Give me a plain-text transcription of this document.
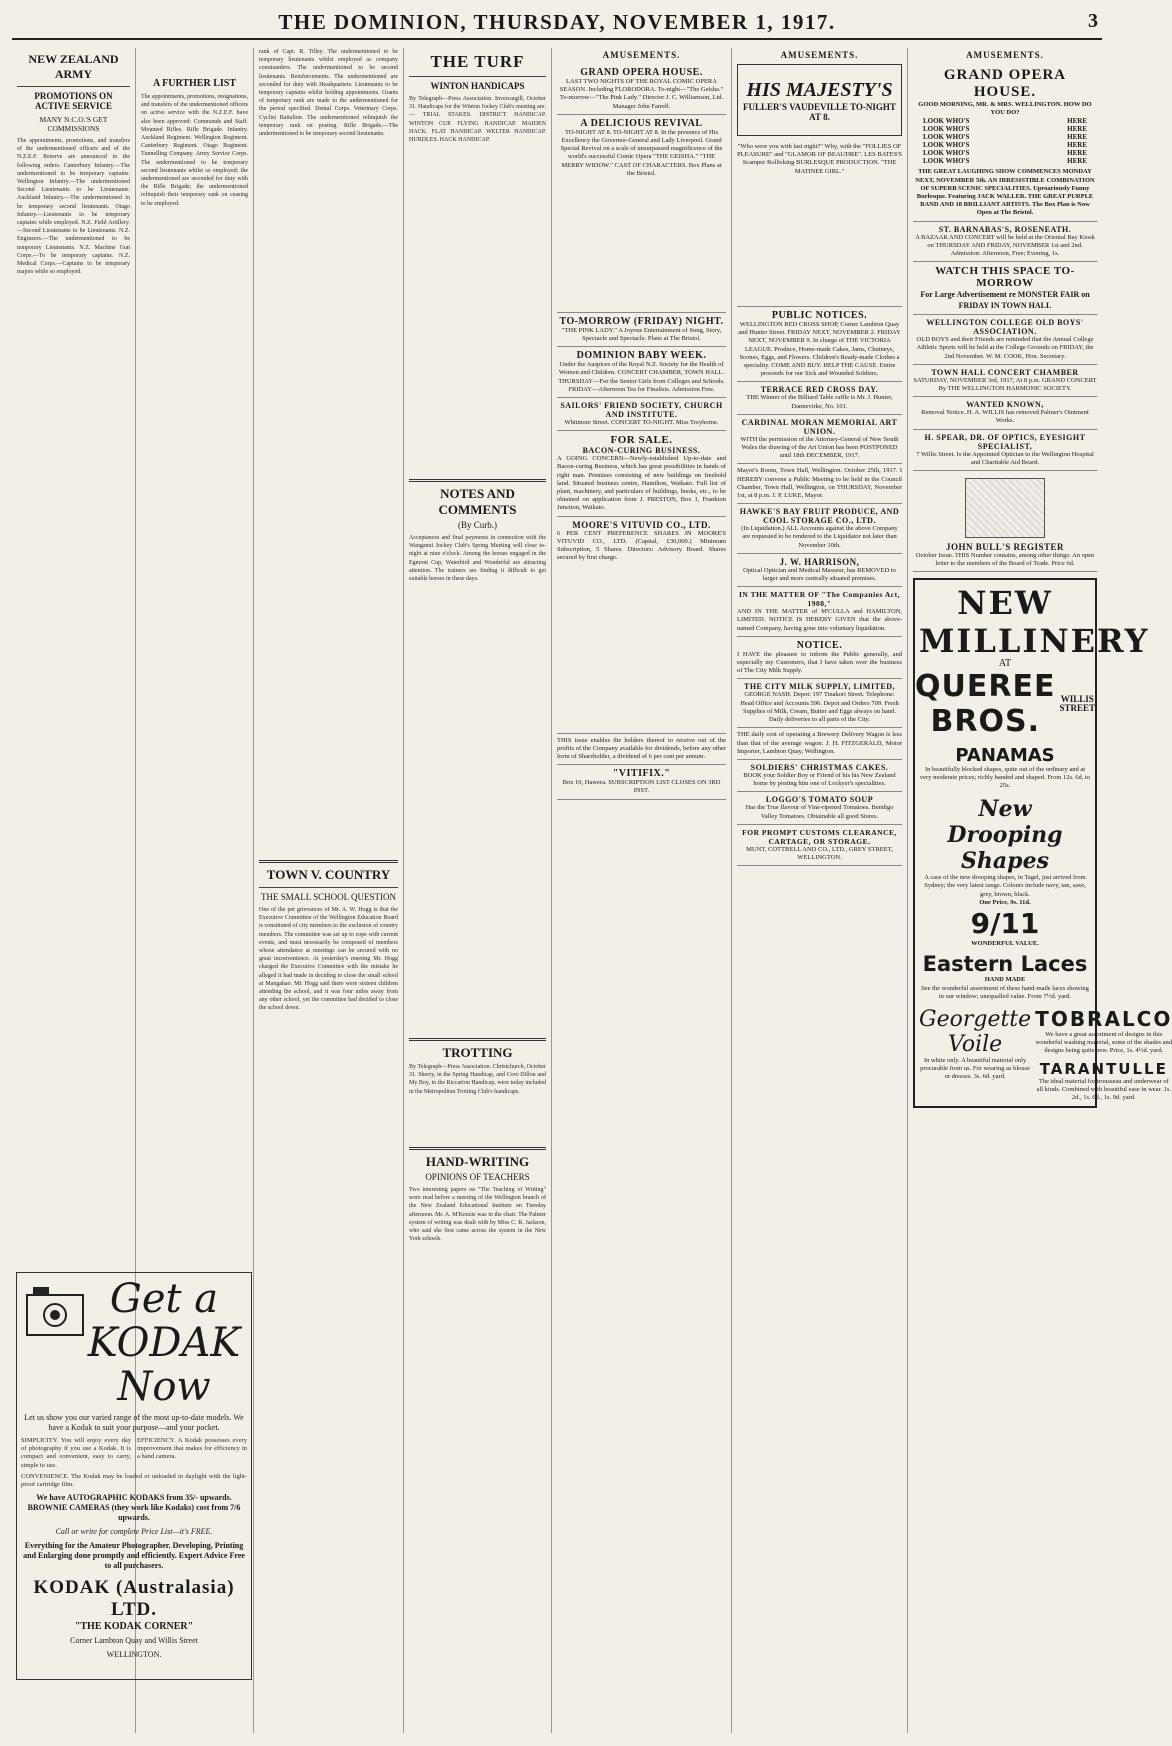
THE DOMINION, THURSDAY, NOVEMBER 1, 1917.	3
NEW ZEALAND ARMY
PROMOTIONS ON ACTIVE SERVICE
MANY N.C.O.'S GET COMMISSIONS
The appointments, promotions, and transfers of the undermentioned officers and of the N.Z.E.F. Reserve are announced in the following orders. Canterbury Infantry.—The undermentioned to be temporary captains. Wellington Infantry.—The undermentioned Second Lieutenants to be Lieutenants. Auckland Infantry.—The undermentioned to be temporary second lieutenants. Otago Infantry.—Lieutenants to be temporary captains while employed. N.Z. Field Artillery.—Second Lieutenants to be Lieutenants. N.Z. Engineers.—The undermentioned to be temporary Lieutenants. N.Z. Machine Gun Corps.—To be temporary captains. N.Z. Medical Corps.—Captains to be temporary majors while so employed.
A FURTHER LIST
The appointments, promotions, resignations, and transfers of the undermentioned officers on active service with the N.Z.E.F. have also been approved: Commands and Staff. Mounted Rifles. Rifle Brigade. Infantry. Auckland Regiment. Wellington Regiment. Canterbury Regiment. Otago Regiment. Tunnelling Company. Army Service Corps. The undermentioned to be temporary second lieutenants whilst so employed; the undermentioned are seconded for duty with the Rifle Brigade; the undermentioned relinquish their temporary rank on ceasing to be employed.
Get a KODAK
Now
Let us show you our varied range of the most up-to-date models. We have a Kodak to suit your purpose—and your pocket.
SIMPLICITY. You will enjoy every day of photography if you use a Kodak. It is compact and convenient, easy to carry, simple to use.
EFFICIENCY. A Kodak possesses every improvement that makes for efficiency in a hand camera.
CONVENIENCE. The Kodak may be loaded or unloaded in daylight with the light-proof cartridge film.
We have AUTOGRAPHIC KODAKS from 35/- upwards. BROWNIE CAMERAS (they work like Kodaks) cost from 7/6 upwards.
Call or write for complete Price List—it's FREE.
Everything for the Amateur Photographer. Developing, Printing and Enlarging done promptly and efficiently. Expert Advice Free to all purchasers.
KODAK (Australasia) LTD.
"THE KODAK CORNER"
Corner Lambton Quay and Willis Street
WELLINGTON.
rank of Capt. R. Tilley. The undermentioned to be temporary lieutenants whilst employed as company commanders. The undermentioned to be second lieutenants. Reinforcements. The undermentioned are seconded for duty with Headquarters. Lieutenants to be temporary captains whilst holding appointments. Grants of temporary rank are made to the undermentioned for the period specified. Dental Corps. Veterinary Corps. Cyclist Battalion. The undermentioned relinquish the temporary rank on posting. Rifle Brigade.—The undermentioned to be temporary second lieutenants.
TOWN V. COUNTRY
THE SMALL SCHOOL QUESTION
One of the pet grievances of Mr. A. W. Hogg is that the Executive Committee of the Wellington Education Board is constituted of city members to the exclusion of country members. The committee was set up to cope with current events, and must necessarily be composed of members whose attendance at meetings can be secured with no great inconvenience. At yesterday's meeting Mr. Hogg charged the Executive Committee with the mistake he alleged it had made in deciding to close the small school at Mangahao. Mr. Hogg said there were sixteen children attending the school, and it was four miles away from any other school, yet the committee had decided to close the school down.
THE TURF
WINTON HANDICAPS
By Telegraph—Press Association. Invercargill, October 31. Handicaps for the Winton Jockey Club's meeting are:— TRIAL STAKES. DISTRICT HANDICAP. WINTON CUP. FLYING HANDICAP. MAIDEN HACK. FLAT HANDICAP. WELTER HANDICAP. HURDLES. HACK HANDICAP.
NOTES AND COMMENTS
(By Curb.)
Acceptances and final payments in connection with the Wanganui Jockey Club's Spring Meeting will close to-night at nine o'clock. Among the horses engaged in the Egmont Cup, Waterbird and Wonderful are attracting attention. The trainers are finding it difficult to get suitable horses in these days.
TROTTING
By Telegraph—Press Association. Christchurch, October 31. Sherry, in the Spring Handicap, and Coro Dillon and My Boy, in the Riccarton Handicap, were today included in the Metropolitan Trotting Club's handicaps.
HAND-WRITING
OPINIONS OF TEACHERS
Two interesting papers on "The Teaching of Writing" were read before a meeting of the Wellington branch of the New Zealand Educational Institute on Tuesday afternoon. Mr. A. M'Kenzie was in the chair. The Palmer system of writing was dealt with by Miss C. R. Jackson, who said she first came across the system in the New York schools.
AMUSEMENTS.
GRAND OPERA HOUSE.
LAST TWO NIGHTS OF THE ROYAL COMIC OPERA SEASON. Including FLORODORA. To-night—"The Geisha." To-morrow—"The Pink Lady." Director J. C. Williamson, Ltd. Manager John Farrell.
A DELICIOUS REVIVAL
TO-NIGHT AT 8. TO-NIGHT AT 8. In the presence of His Excellency the Governor-General and Lady Liverpool. Grand Special Revival on a scale of unsurpassed magnificence of the world's successful Comic Opera "THE GEISHA." "THE MERRY WIDOW." CAST OF CHARACTERS. Box Plans at the Bristol.
TO-MORROW (FRIDAY) NIGHT.
"THE PINK LADY." A Joyous Entertainment of Song, Story, Spectacle and Spectacle. Plans at The Bristol.
DOMINION BABY WEEK.
Under the Auspices of the Royal N.Z. Society for the Health of Women and Children. CONCERT CHAMBER, TOWN HALL. THURSDAY—For the Senior Girls from Colleges and Schools. FRIDAY—Afternoon Tea for Finalists. Admission Free.
SAILORS' FRIEND SOCIETY, CHURCH AND INSTITUTE.
Whitmore Street. CONCERT TO-NIGHT. Miss Treyhorne.
FOR SALE.
BACON-CURING BUSINESS.
A GOING CONCERN—Newly-established Up-to-date and Bacon-curing Business, which has great possibilities in hands of right man. Premises consisting of new buildings on freehold land. Situated business centre, Hamilton, Waikato. Full list of plant, machinery, and particulars of buildings, books, etc., to be obtained on application from J. PRESTON, Box 1, Frankton Junction, Waikato.
MOORE'S VITUVID CO., LTD.
6 PER CENT PREFERENCE SHARES IN MOORE'S VITUVID CO., LTD. (Capital, £30,000.) Minimum Subscription, 5 Shares. Directors: Advisory Board. Shares secured by first charge.
THIS issue enables the holders thereof to receive out of the profits of the Company available for dividends, before any other form of Shareholder, a dividend of 6 per cent per annum.
"VITIFIX."
Box 10, Hawera. SUBSCRIPTION LIST CLOSES ON 3RD INST.
AMUSEMENTS.
HIS MAJESTY'S
FULLER'S VAUDEVILLE TO-NIGHT AT 8.
"Who were you with last night?" Why, with the "FOLLIES OF PLEASURE" and "GLAMOR OF BEAUDRE". LES BATES'S Scamper Rollicking BURLESQUE PRODUCTION. "THE MATINEE GIRL."
PUBLIC NOTICES.
WELLINGTON RED CROSS SHOP, Corner Lambton Quay and Hunter Street. FRIDAY NEXT, NOVEMBER 2. FRIDAY NEXT, NOVEMBER 9. In charge of THE VICTORIA LEAGUE. Produce, Home-made Cakes, Jams, Chutneys, Scones, Eggs, and Flowers. Children's Ready-made Clothes a speciality. COME AND BUY. HELP THE CAUSE. Entire proceeds for our Sick and Wounded Soldiers.
TERRACE RED CROSS DAY.
THE Winner of the Billiard Table raffle is Mr. J. Hunter, Dannevirke, No. 101.
CARDINAL MORAN MEMORIAL ART UNION.
WITH the permission of the Attorney-General of New South Wales the drawing of the Art Union has been POSTPONED until 18th DECEMBER, 1917.
Mayor's Room, Town Hall, Wellington. October 25th, 1917. I HEREBY convene a Public Meeting to be held in the Council Chamber, Town Hall, Wellington, on THURSDAY, November 1st, at 8 p.m. J. P. LUKE, Mayor.
HAWKE'S BAY FRUIT PRODUCE, AND COOL STORAGE CO., LTD.
(In Liquidation.) ALL Accounts against the above Company are requested to be rendered to the Liquidator not later than November 10th.
J. W. HARRISON,
Optical Optician and Medical Masseur, has REMOVED to larger and more centrally situated premises.
IN THE MATTER OF "The Companies Act, 1908,"
AND IN THE MATTER of M'CULLA and HAMILTON, LIMITED. NOTICE IS HEREBY GIVEN that the above-named Company, having gone into voluntary liquidation.
NOTICE.
I HAVE the pleasure to inform the Public generally, and especially my Customers, that I have taken over the business of The City Milk Supply.
THE CITY MILK SUPPLY, LIMITED,
GEORGE NASH. Depot: 197 Tinakori Street. Telephone: Head Office and Accounts 596. Depot and Orders 709. Fresh Supplies of Milk, Cream, Butter and Eggs always on hand. Daily deliveries to all parts of the City.
THE daily cost of operating a Brewery Delivery Wagon is less than that of the average wagon. J. H. FITZGERALD, Motor Importer, Lambton Quay, Wellington.
SOLDIERS' CHRISTMAS CAKES.
BOOK your Soldier Boy or Friend of his his New Zealand home by posting him one of Lockyer's specialities.
LOGGO'S TOMATO SOUP
Has the True flavour of Vine-ripened Tomatoes. Bendigo Valley Tomatoes. Obtainable all good Stores.
FOR PROMPT CUSTOMS CLEARANCE, CARTAGE, OR STORAGE.
MUNT, COTTRELL AND CO., LTD., GREY STREET, WELLINGTON.
AMUSEMENTS.
GRAND OPERA HOUSE.
GOOD MORNING, MR. & MRS. WELLINGTON. HOW DO YOU DO?
LOOK WHO'S	HERE
LOOK WHO'S	HERE
LOOK WHO'S	HERE
LOOK WHO'S	HERE
LOOK WHO'S	HERE
LOOK WHO'S	HERE
THE GREAT LAUGHING SHOW COMMENCES MONDAY NEXT, NOVEMBER 5th. AN IRRESISTIBLE COMBINATION OF SUPERB SCENIC SPECIALITIES. Uproariously Funny Burlesque. Featuring JACK WALLER. THE GREAT PURPLE BAND AND 18 BRILLIANT ARTISTS. The Box Plan is Now Open at The Bristol.
ST. BARNABAS'S, ROSENEATH.
A BAZAAR AND CONCERT will be held at the Oriental Bay Kiosk on THURSDAY AND FRIDAY, NOVEMBER 1st and 2nd. Admission: Afternoon, Free; Evening, 1s.
WATCH THIS SPACE TO-MORROW
For Large Advertisement re MONSTER FAIR on FRIDAY IN TOWN HALL
WELLINGTON COLLEGE OLD BOYS' ASSOCIATION.
OLD BOYS and their Friends are reminded that the Annual College Athletic Sports will be held at the College Grounds on FRIDAY, the 2nd November. W. M. COOK, Hon. Secretary.
TOWN HALL CONCERT CHAMBER
SATURDAY, NOVEMBER 3rd, 1917, At 8 p.m. GRAND CONCERT By THE WELLINGTON HARMONIC SOCIETY.
WANTED KNOWN,
Removal Notice. H. A. WILLIS has removed Palmer's Ointment Works.
H. SPEAR, DR. OF OPTICS, EYESIGHT SPECIALIST,
7 Willis Street. Is the Appointed Optician to the Wellington Hospital and Charitable Aid Board.
JOHN BULL'S REGISTER
October Issue. THIS Number contains, among other things: An open letter to the members of the Board of Trade. Price 6d.
NEW MILLINERY
AT
QUEREE BROS.
WILLIS STREET
PANAMAS
In beautifully blocked shapes, quite out of the ordinary and at very moderate prices; richly banded and shaped. From 12s. 6d. to 25s.
New Drooping Shapes
A case of the new drooping shapes, in Tagel, just arrived from Sydney; the very latest range. Colours include navy, tan, saxe, grey, brown, black.
One Price, 9s. 11d.
9/11
WONDERFUL VALUE.
Eastern Laces
HAND MADE
See the wonderful assortment of these hand-made laces showing in our window; unequalled value. From 7½d. yard.
Georgette Voile
In white only. A beautiful material only procurable from us. For wearing as blouse or dresses. 3s. 6d. yard.
TOBRALCO
We have a great assortment of designs in this wonderful washing material, some of the shades and designs being quite new. Price, 1s. 4½d. yard.
TARANTULLE
The ideal material for trousseau and underwear of all kinds. Combined with beautiful ease in wear. 1s. 2d., 1s. 6d., 1s. 9d. yard.
